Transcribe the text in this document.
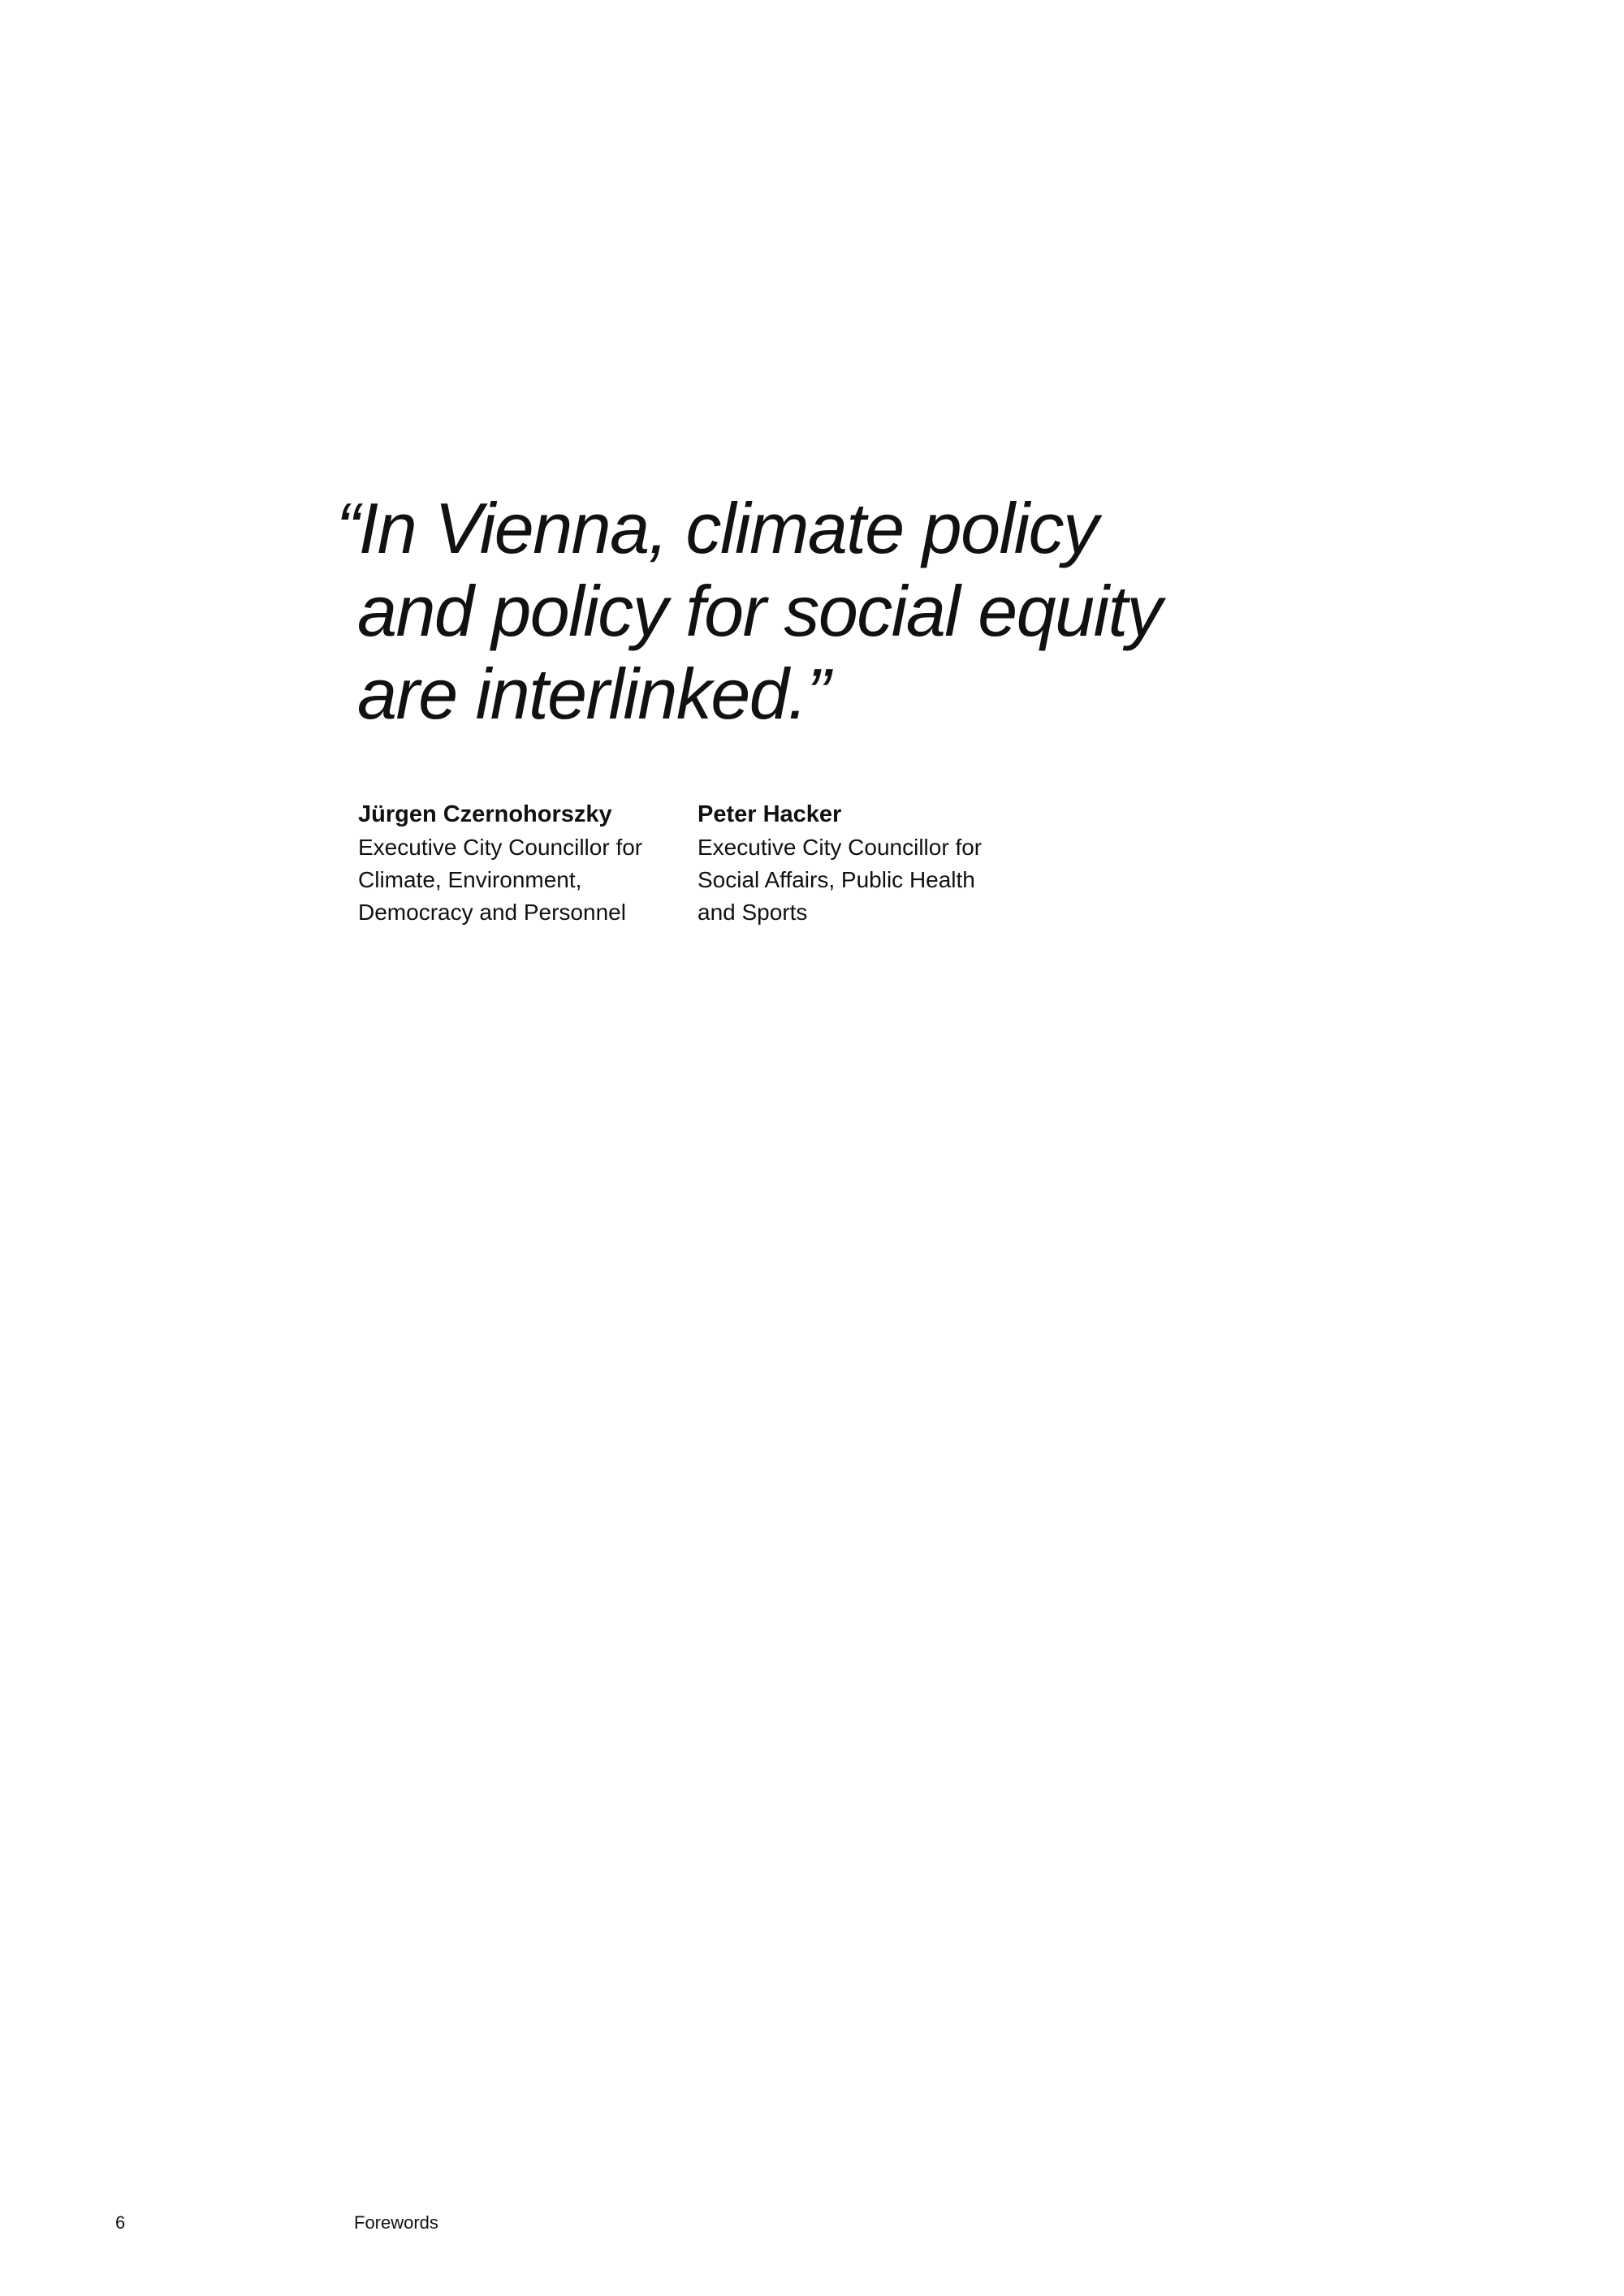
“In Vienna, climate policy
and policy for social equity
are interlinked.”
Jürgen Czernohorszky
Executive City Councillor for
Climate, Environment,
Democracy and Personnel
Peter Hacker
Executive City Councillor for
Social Affairs, Public Health
and Sports
6	Forewords
